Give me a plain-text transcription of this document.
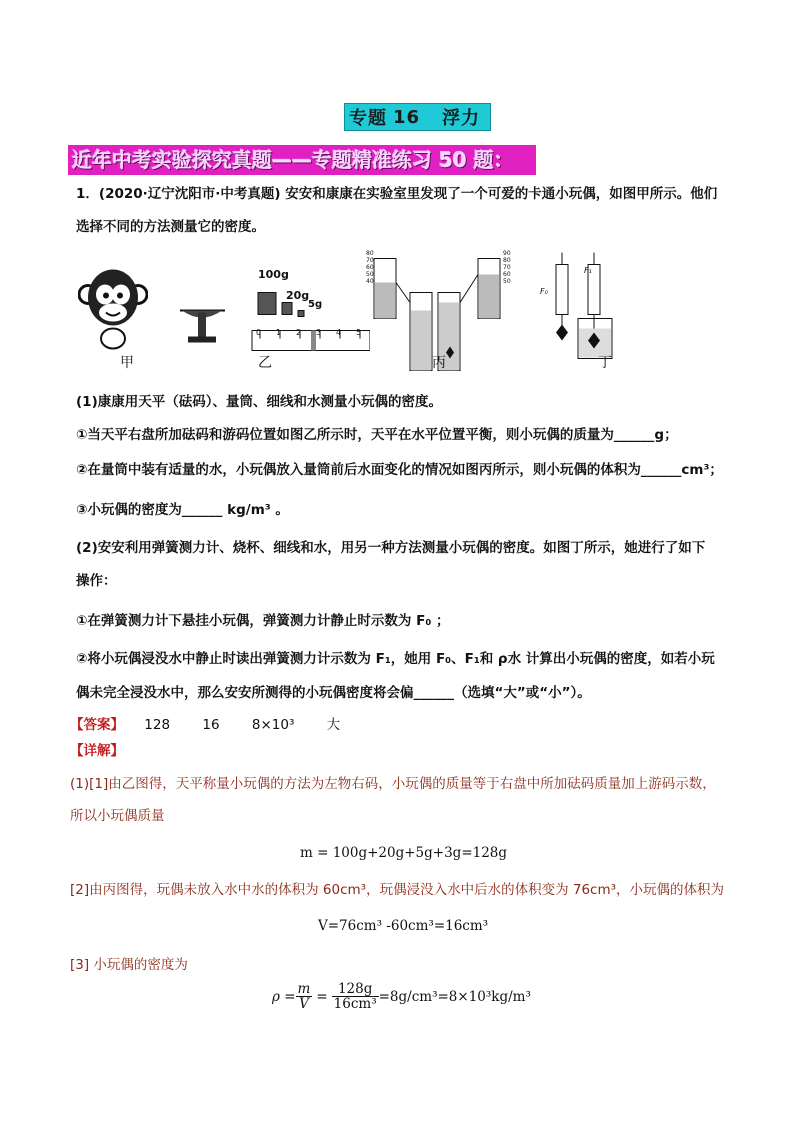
专题 16 浮力
近年中考实验探究真题——专题精准练习 50 题：
1．(2020·辽宁沈阳市·中考真题) 安安和康康在实验室里发现了一个可爱的卡通小玩偶，如图甲所示。他们
选择不同的方法测量它的密度。
甲
100g
20g
5g
0 1 2 3 4 5
乙
80
70
60
50
40
90
80
70
60
50
丙
F₁
F₀
丁
(1)康康用天平（砝码）、量筒、细线和水测量小玩偶的密度。
①当天平右盘所加砝码和游码位置如图乙所示时，天平在水平位置平衡，则小玩偶的质量为______g；
②在量筒中装有适量的水，小玩偶放入量筒前后水面变化的情况如图丙所示，则小玩偶的体积为______cm³；
③小玩偶的密度为______ kg/m³ 。
(2)安安利用弹簧测力计、烧杯、细线和水，用另一种方法测量小玩偶的密度。如图丁所示，她进行了如下
操作：
①在弹簧测力计下悬挂小玩偶，弹簧测力计静止时示数为 F₀ ；
②将小玩偶浸没水中静止时读出弹簧测力计示数为 F₁，她用 F₀、F₁和 ρ水 计算出小玩偶的密度，如若小玩
偶未完全浸没水中，那么安安所测得的小玩偶密度将会偏______（选填“大”或“小”）。
【答案】 128 16 8×10³ 大
【详解】
(1)[1]由乙图得，天平称量小玩偶的方法为左物右码，小玩偶的质量等于右盘中所加砝码质量加上游码示数，
所以小玩偶质量
m = 100g+20g+5g+3g=128g
[2]由丙图得，玩偶未放入水中水的体积为 60cm³，玩偶浸没入水中后水的体积变为 76cm³，小玩偶的体积为
V=76cm³ -60cm³=16cm³
[3] 小玩偶的密度为
$\rho = \frac{m}{V} = \frac{128g}{\text{16cm³}} =8g/cm^3=8\times 10^3kg/m^3$
